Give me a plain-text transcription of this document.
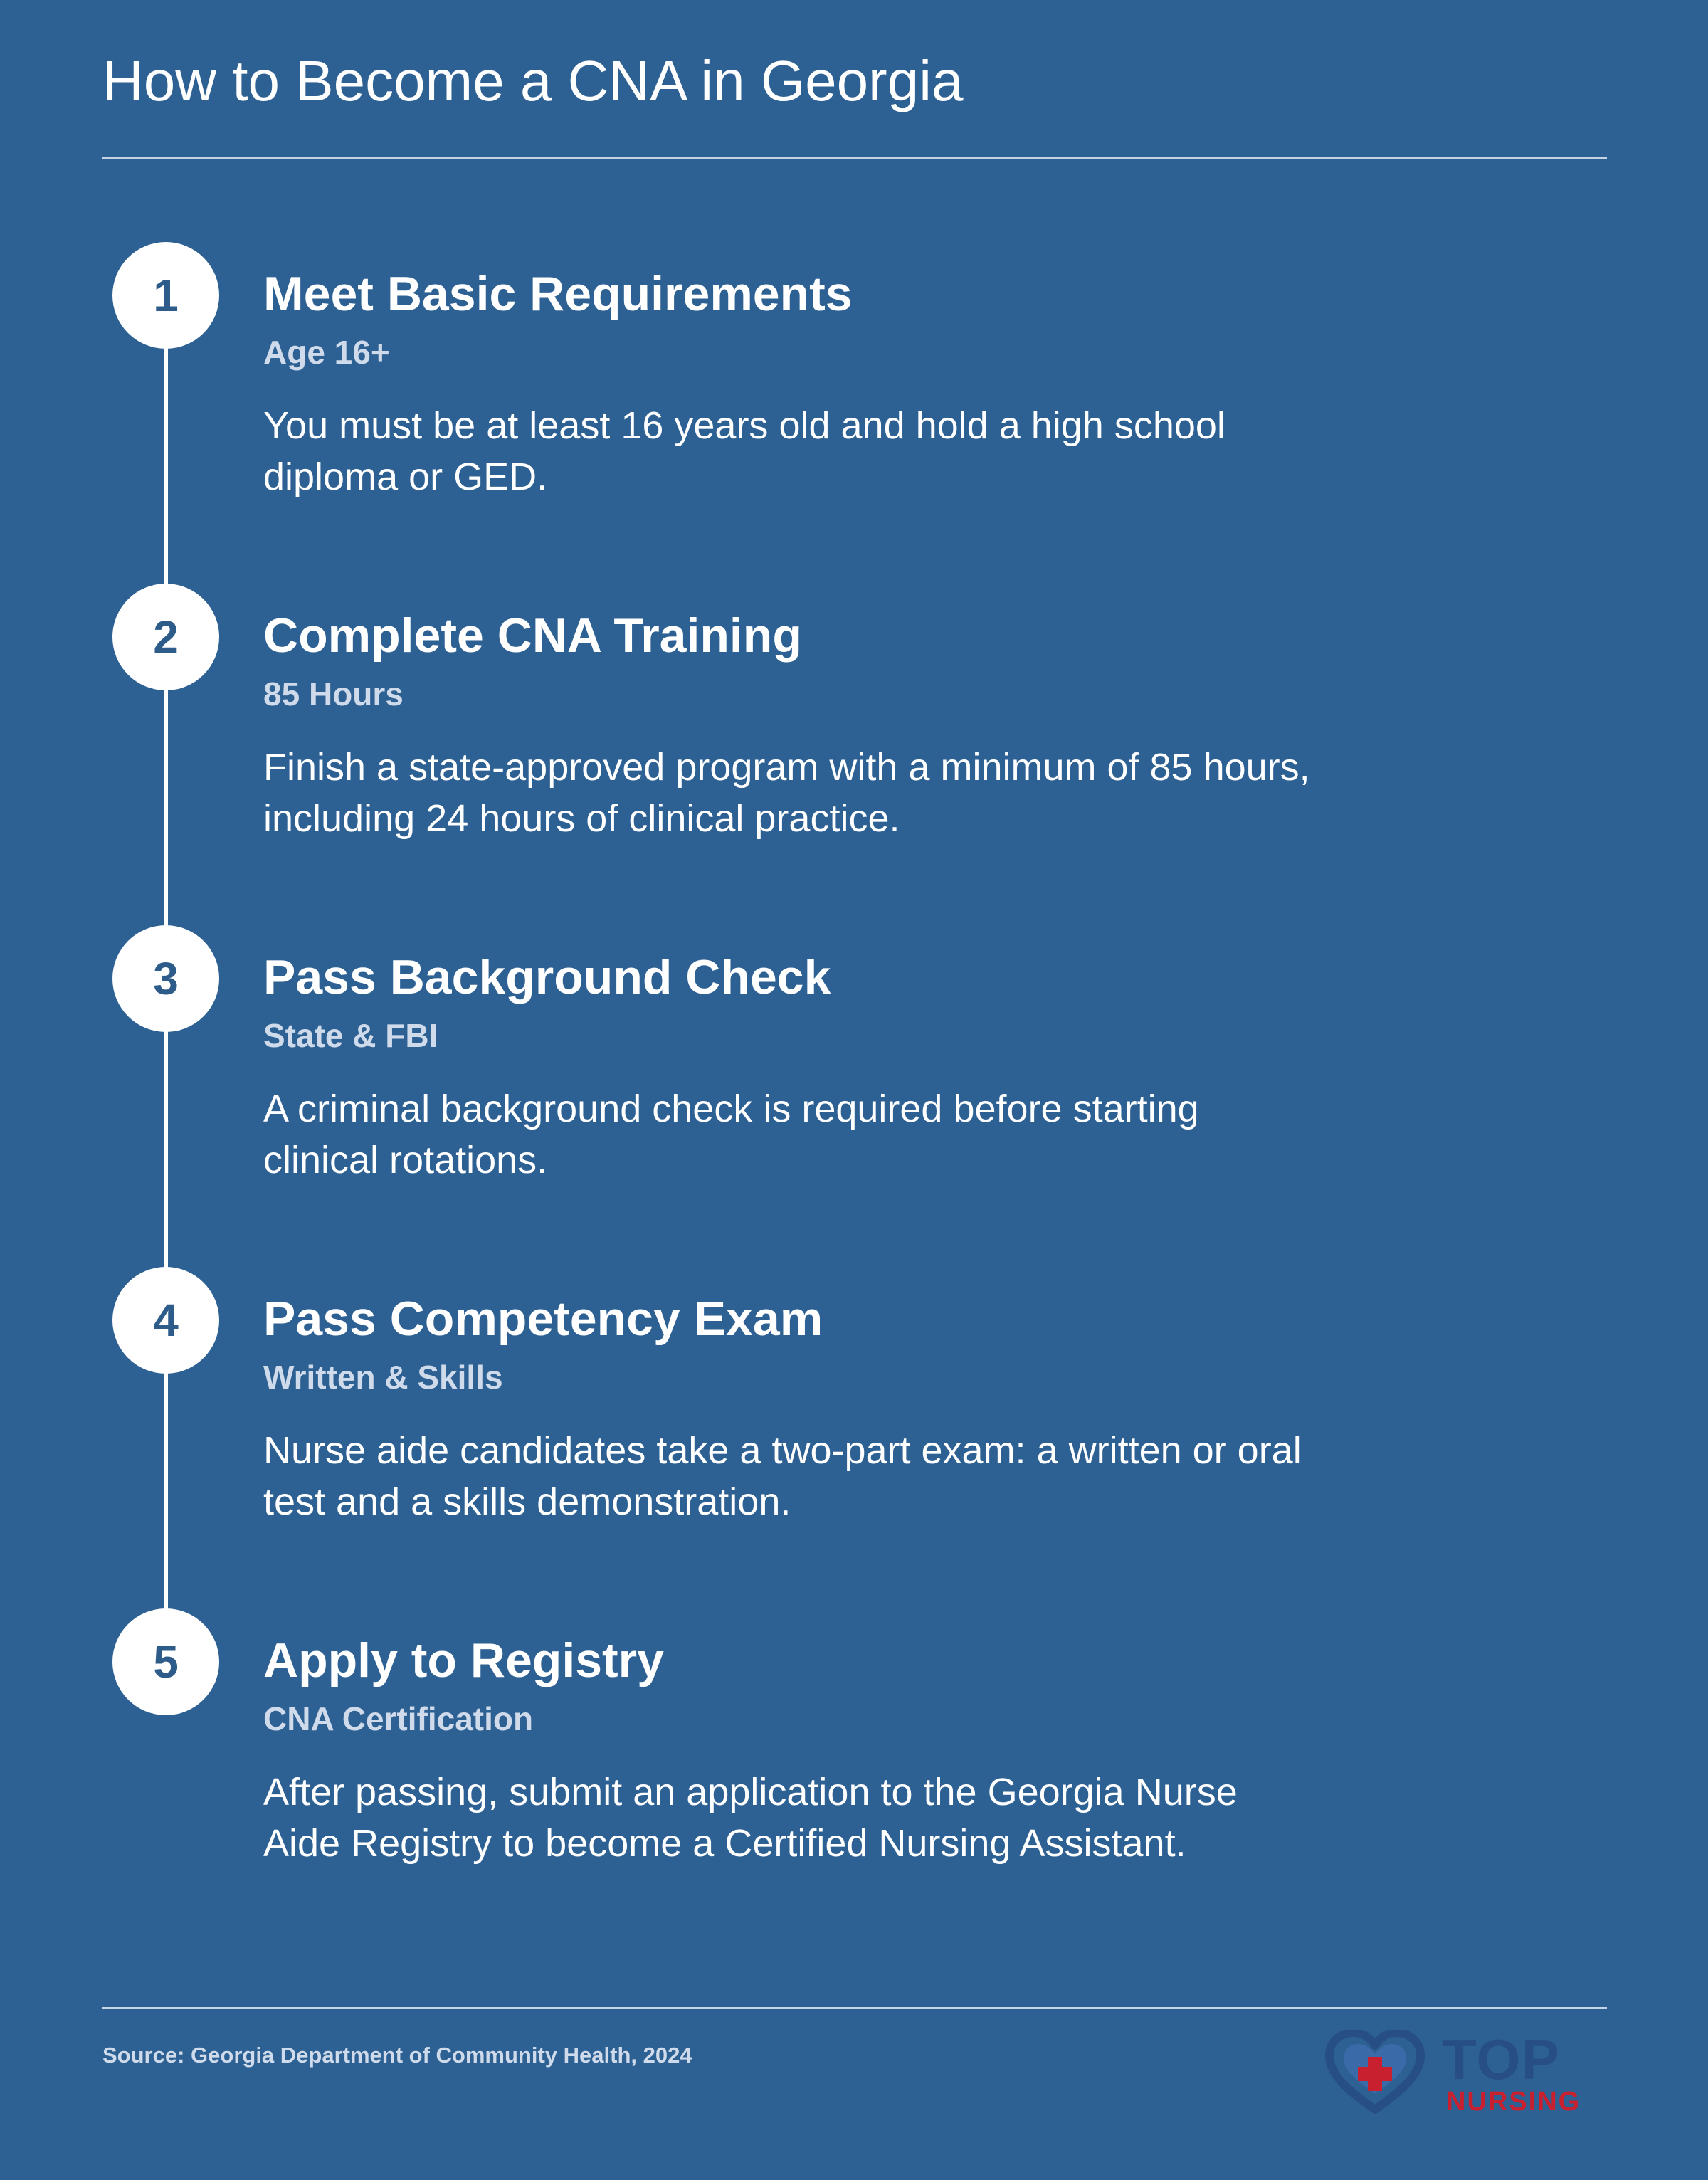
How to Become a CNA in Georgia
1	Meet Basic Requirements
Age 16+
You must be at least 16 years old and hold a high school diploma or GED.
2	Complete CNA Training
85 Hours
Finish a state-approved program with a minimum of 85 hours, including 24 hours of clinical practice.
3	Pass Background Check
State & FBI
A criminal background check is required before starting clinical rotations.
4	Pass Competency Exam
Written & Skills
Nurse aide candidates take a two-part exam: a written or oral test and a skills demonstration.
5	Apply to Registry
CNA Certification
After passing, submit an application to the Georgia Nurse Aide Registry to become a Certified Nursing Assistant.
Source: Georgia Department of Community Health, 2024	TOP
NURSING
